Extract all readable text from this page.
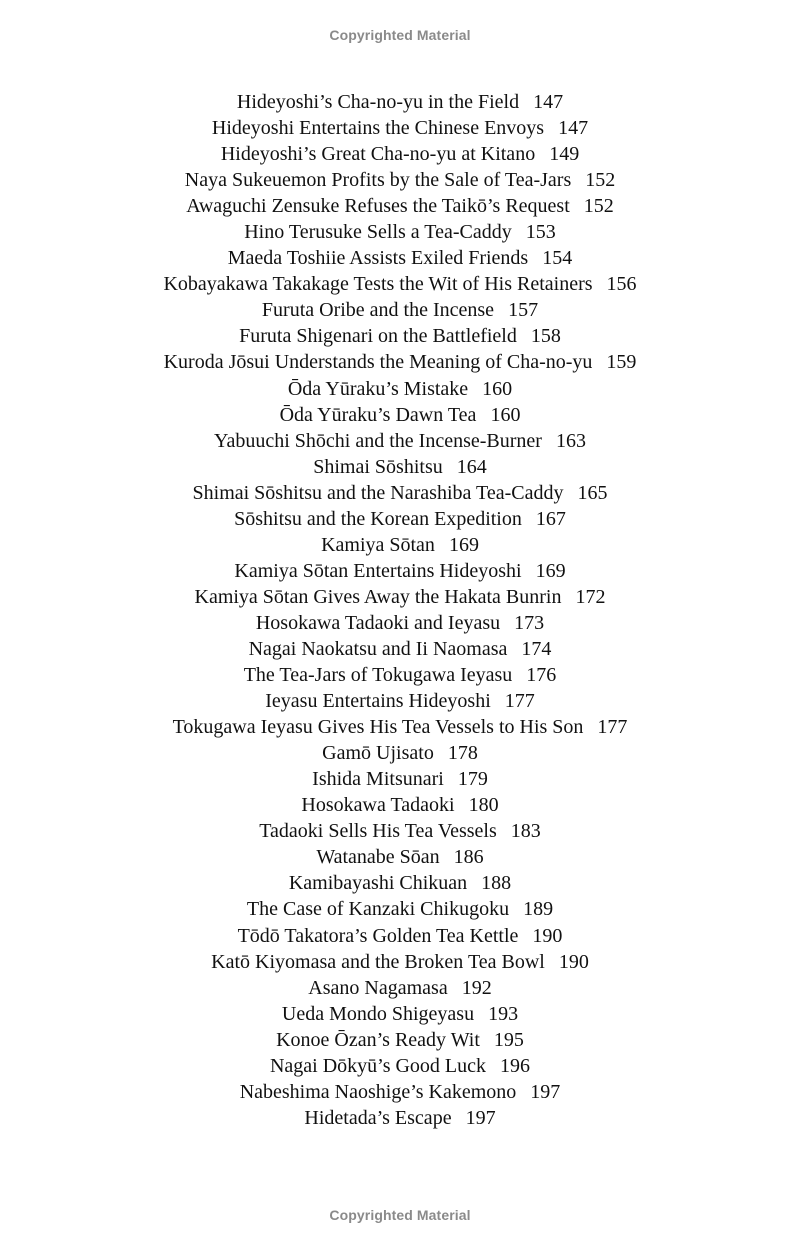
Copyrighted Material
Hideyoshi’s Cha-no-yu in the Field 147
Hideyoshi Entertains the Chinese Envoys 147
Hideyoshi’s Great Cha-no-yu at Kitano 149
Naya Sukeuemon Profits by the Sale of Tea-Jars 152
Awaguchi Zensuke Refuses the Taikō’s Request 152
Hino Terusuke Sells a Tea-Caddy 153
Maeda Toshiie Assists Exiled Friends 154
Kobayakawa Takakage Tests the Wit of His Retainers 156
Furuta Oribe and the Incense 157
Furuta Shigenari on the Battlefield 158
Kuroda Jōsui Understands the Meaning of Cha-no-yu 159
Ōda Yūraku’s Mistake 160
Ōda Yūraku’s Dawn Tea 160
Yabuuchi Shōchi and the Incense-Burner 163
Shimai Sōshitsu 164
Shimai Sōshitsu and the Narashiba Tea-Caddy 165
Sōshitsu and the Korean Expedition 167
Kamiya Sōtan 169
Kamiya Sōtan Entertains Hideyoshi 169
Kamiya Sōtan Gives Away the Hakata Bunrin 172
Hosokawa Tadaoki and Ieyasu 173
Nagai Naokatsu and Ii Naomasa 174
The Tea-Jars of Tokugawa Ieyasu 176
Ieyasu Entertains Hideyoshi 177
Tokugawa Ieyasu Gives His Tea Vessels to His Son 177
Gamō Ujisato 178
Ishida Mitsunari 179
Hosokawa Tadaoki 180
Tadaoki Sells His Tea Vessels 183
Watanabe Sōan 186
Kamibayashi Chikuan 188
The Case of Kanzaki Chikugoku 189
Tōdō Takatora’s Golden Tea Kettle 190
Katō Kiyomasa and the Broken Tea Bowl 190
Asano Nagamasa 192
Ueda Mondo Shigeyasu 193
Konoe Ōzan’s Ready Wit 195
Nagai Dōkyū’s Good Luck 196
Nabeshima Naoshige’s Kakemono 197
Hidetada’s Escape 197
Copyrighted Material
